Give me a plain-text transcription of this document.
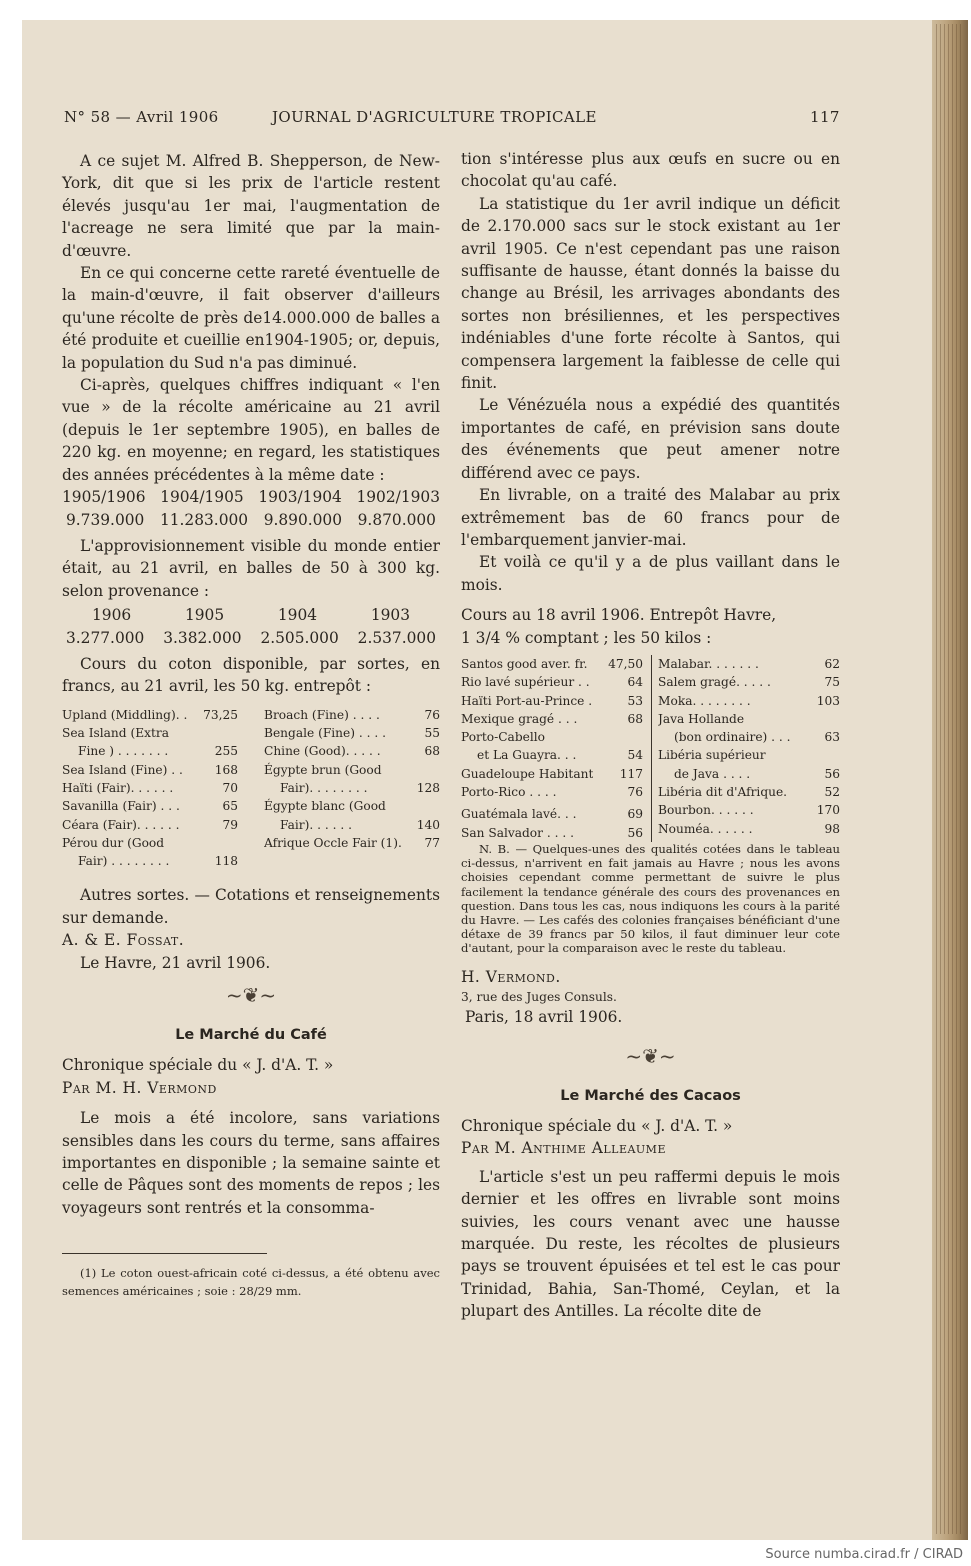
N° 58 — Avril 1906	JOURNAL D'AGRICULTURE TROPICALE	117

A ce sujet M. Alfred B. Shepperson, de New-York, dit que si les prix de l'article restent élevés jusqu'au 1er mai, l'augmentation de l'acreage ne sera limité que par la main-d'œuvre.

En ce qui concerne cette rareté éventuelle de la main-d'œuvre, il fait observer d'ailleurs qu'une récolte de près de14.000.000 de balles a été produite et cueillie en1904-1905; or, depuis, la population du Sud n'a pas diminué.

Ci-après, quelques chiffres indiquant « l'en vue » de la récolte américaine au 21 avril (depuis le 1er septembre 1905), en balles de 220 kg. en moyenne; en regard, les statistiques des années précédentes à la même date :

1905/1906 1904/1905 1903/1904 1902/1903
9.739.000 11.283.000 9.890.000 9.870.000

L'approvisionnement visible du monde entier était, au 21 avril, en balles de 50 à 300 kg. selon provenance :

1906	1905	1904	1903
3.277.000 3.382.000 2.505.000 2.537.000

Cours du coton disponible, par sortes, en francs, au 21 avril, les 50 kg. entrepôt :

Upland (Middling). . 73,25
Sea Island (Extra
Fine ) . . . . . . .	255
Sea Island (Fine) . .	168
Haïti (Fair). . . . . .	70
Savanilla (Fair) . . .	65
Céara (Fair). . . . . .	79
Pérou dur (Good
Fair) . . . . . . . .	118
Broach (Fine) . . . .	76
Bengale (Fine) . . . .	55
Chine (Good). . . . .	68
Égypte brun (Good
Fair). . . . . . . .	128
Égypte blanc (Good
Fair). . . . . .	140
Afrique Occle Fair (1). 77

Autres sortes. — Cotations et renseignements sur demande.

A. & E. Fossat.

Le Havre, 21 avril 1906.

~❦~
Le Marché du Café

Chronique spéciale du « J. d'A. T. »

Par M. H. Vermond

Le mois a été incolore, sans variations sensibles dans les cours du terme, sans affaires importantes en disponible ; la semaine sainte et celle de Pâques sont des moments de repos ; les voyageurs sont rentrés et la consomma-

(1) Le coton ouest-africain coté ci-dessus, a été obtenu avec semences américaines ; soie : 28/29 mm.

tion s'intéresse plus aux œufs en sucre ou en chocolat qu'au café.

La statistique du 1er avril indique un déficit de 2.170.000 sacs sur le stock existant au 1er avril 1905. Ce n'est cependant pas une raison suffisante de hausse, étant donnés la baisse du change au Brésil, les arrivages abondants des sortes non brésiliennes, et les perspectives indéniables d'une forte récolte à Santos, qui compensera largement la faiblesse de celle qui finit.

Le Vénézuéla nous a expédié des quantités importantes de café, en prévision sans doute des événements que peut amener notre différend avec ce pays.

En livrable, on a traité des Malabar au prix extrêmement bas de 60 francs pour de l'embarquement janvier-mai.

Et voilà ce qu'il y a de plus vaillant dans le mois.

Cours au 18 avril 1906. Entrepôt Havre,

1 3/4 % comptant ; les 50 kilos :

Santos good aver. fr. 47,50
Rio lavé supérieur . .	64
Haïti Port-au-Prince .	53
Mexique gragé . . .	68
Porto-Cabello
et La Guayra. . .	54
Guadeloupe Habitant 117
Porto-Rico . . . .	76
Guatémala lavé. . .	69
San Salvador . . . .	56
Malabar. . . . . . .	62
Salem gragé. . . . .	75
Moka. . . . . . . .	103
Java Hollande
(bon ordinaire) . . .	63
Libéria supérieur
de Java . . . .	56
Libéria dit d'Afrique.	52
Bourbon. . . . . .	170
Nouméa. . . . . .	98

N. B. — Quelques-unes des qualités cotées dans le tableau ci-dessus, n'arrivent en fait jamais au Havre ; nous les avons choisies cependant comme permettant de suivre le plus facilement la tendance générale des cours des provenances en question. Dans tous les cas, nous indiquons les cours à la parité du Havre. — Les cafés des colonies françaises bénéficiant d'une détaxe de 39 francs par 50 kilos, il faut diminuer leur cote d'autant, pour la comparaison avec le reste du tableau.

H. Vermond.

3, rue des Juges Consuls.

Paris, 18 avril 1906.

~❦~
Le Marché des Cacaos

Chronique spéciale du « J. d'A. T. »

Par M. Anthime Alleaume

L'article s'est un peu raffermi depuis le mois dernier et les offres en livrable sont moins suivies, les cours venant avec une hausse marquée. Du reste, les récoltes de plusieurs pays se trouvent épuisées et tel est le cas pour Trinidad, Bahia, San-Thomé, Ceylan, et la plupart des Antilles. La récolte dite de

Source numba.cirad.fr / CIRAD
